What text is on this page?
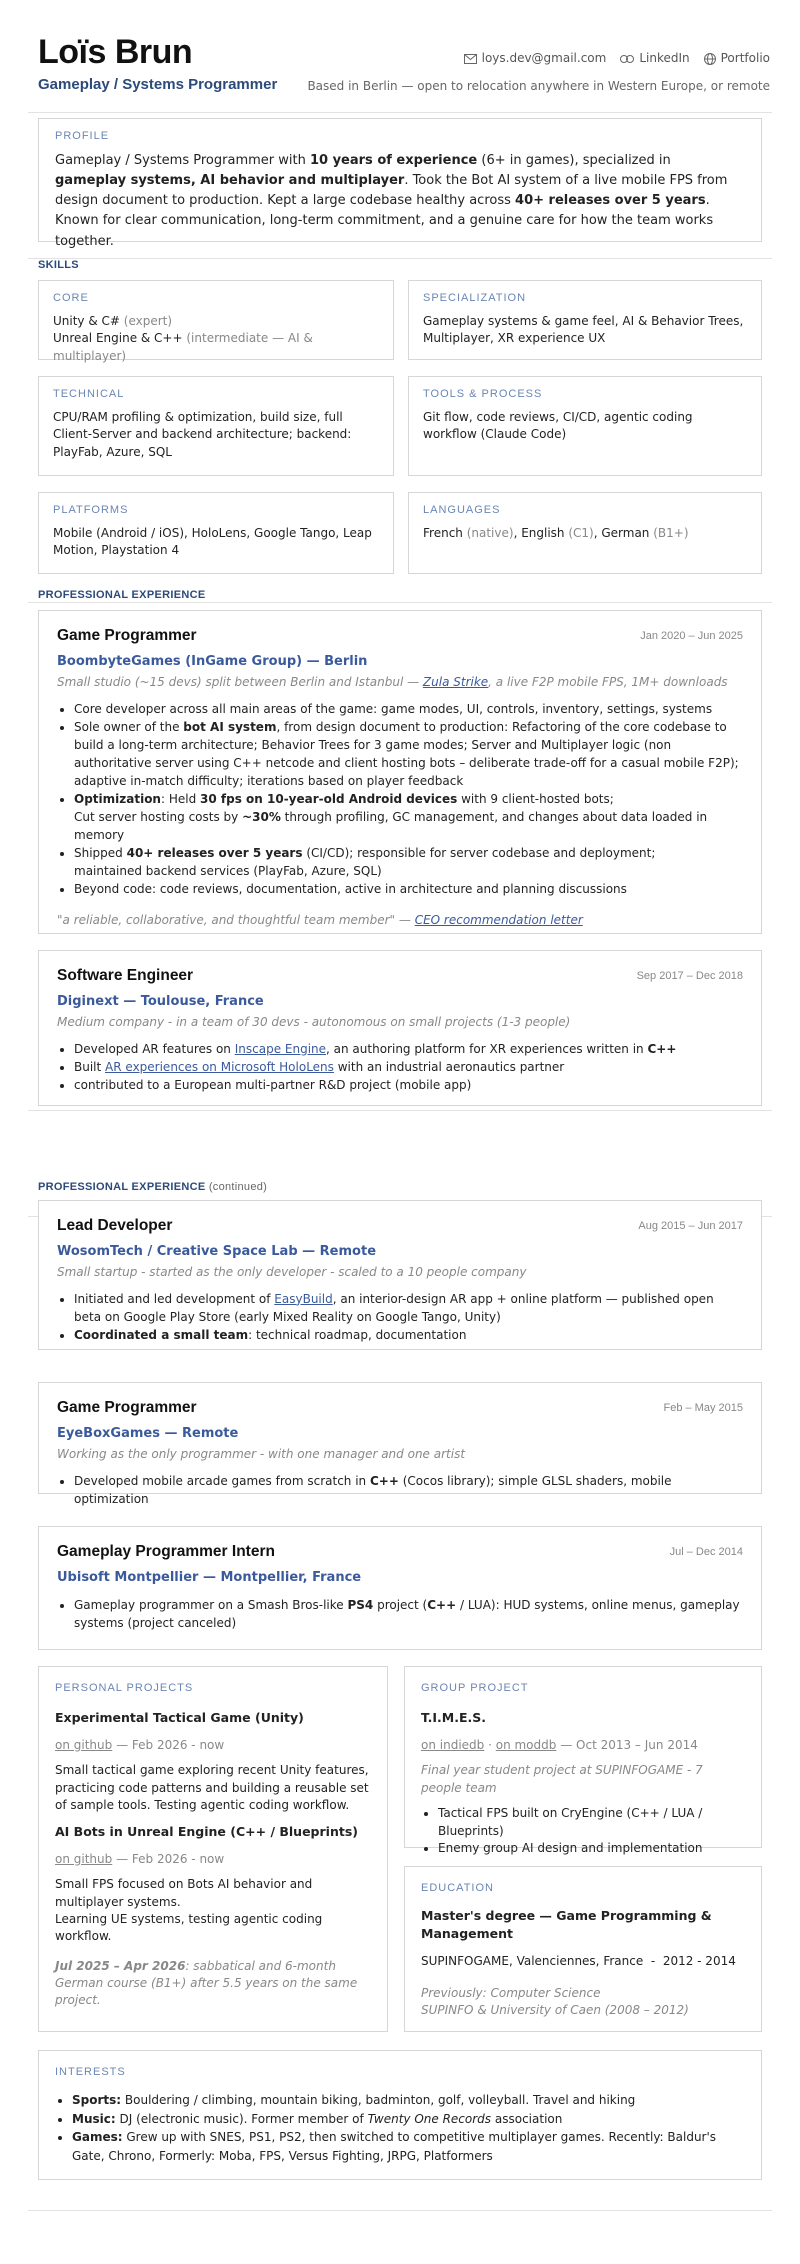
Loïs Brun
Gameplay / Systems Programmer
loys.dev@gmail.com	LinkedIn	Portfolio
Based in Berlin — open to relocation anywhere in Western Europe, or remote
PROFILE
Gameplay / Systems Programmer with 10 years of experience (6+ in games), specialized in gameplay systems, AI behavior and multiplayer. Took the Bot AI system of a live mobile FPS from design document to production. Kept a large codebase healthy across 40+ releases over 5 years. Known for clear communication, long-term commitment, and a genuine care for how the team works together.
SKILLS
CORE
Unity & C# (expert)
Unreal Engine & C++ (intermediate — AI & multiplayer)
SPECIALIZATION
Gameplay systems & game feel, AI & Behavior Trees, Multiplayer, XR experience UX
TECHNICAL
CPU/RAM profiling & optimization, build size, full Client-Server and backend architecture; backend: PlayFab, Azure, SQL
TOOLS & PROCESS
Git flow, code reviews, CI/CD, agentic coding workflow (Claude Code)
PLATFORMS
Mobile (Android / iOS), HoloLens, Google Tango, Leap Motion, Playstation 4
LANGUAGES
French (native), English (C1), German (B1+)
PROFESSIONAL EXPERIENCE
Game Programmer	Jan 2020 – Jun 2025
BoombyteGames (InGame Group) — Berlin
Small studio (~15 devs) split between Berlin and Istanbul — Zula Strike, a live F2P mobile FPS, 1M+ downloads
• Core developer across all main areas of the game: game modes, UI, controls, inventory, settings, systems
• Sole owner of the bot AI system, from design document to production: Refactoring of the core codebase to build a long-term architecture; Behavior Trees for 3 game modes; Server and Multiplayer logic (non authoritative server using C++ netcode and client hosting bots – deliberate trade-off for a casual mobile F2P); adaptive in-match difficulty; iterations based on player feedback
• Optimization: Held 30 fps on 10-year-old Android devices with 9 client-hosted bots;
Cut server hosting costs by ~30% through profiling, GC management, and changes about data loaded in memory
• Shipped 40+ releases over 5 years (CI/CD); responsible for server codebase and deployment;
maintained backend services (PlayFab, Azure, SQL)
• Beyond code: code reviews, documentation, active in architecture and planning discussions
"a reliable, collaborative, and thoughtful team member" — CEO recommendation letter
Software Engineer	Sep 2017 – Dec 2018
Diginext — Toulouse, France
Medium company - in a team of 30 devs - autonomous on small projects (1-3 people)
• Developed AR features on Inscape Engine, an authoring platform for XR experiences written in C++
• Built AR experiences on Microsoft HoloLens with an industrial aeronautics partner
• contributed to a European multi-partner R&D project (mobile app)
PROFESSIONAL EXPERIENCE (continued)
Lead Developer	Aug 2015 – Jun 2017
WosomTech / Creative Space Lab — Remote
Small startup - started as the only developer - scaled to a 10 people company
• Initiated and led development of EasyBuild, an interior-design AR app + online platform — published open beta on Google Play Store (early Mixed Reality on Google Tango, Unity)
• Coordinated a small team: technical roadmap, documentation
Game Programmer	Feb – May 2015
EyeBoxGames — Remote
Working as the only programmer - with one manager and one artist
• Developed mobile arcade games from scratch in C++ (Cocos library); simple GLSL shaders, mobile optimization
Gameplay Programmer Intern	Jul – Dec 2014
Ubisoft Montpellier — Montpellier, France
• Gameplay programmer on a Smash Bros-like PS4 project (C++ / LUA): HUD systems, online menus, gameplay systems (project canceled)
PERSONAL PROJECTS
Experimental Tactical Game (Unity)
on github — Feb 2026 - now
Small tactical game exploring recent Unity features, practicing code patterns and building a reusable set of sample tools. Testing agentic coding workflow.
AI Bots in Unreal Engine (C++ / Blueprints)
on github — Feb 2026 - now
Small FPS focused on Bots AI behavior and multiplayer systems.
Learning UE systems, testing agentic coding workflow.
Jul 2025 – Apr 2026: sabbatical and 6-month German course (B1+) after 5.5 years on the same project.
GROUP PROJECT
T.I.M.E.S.
on indiedb · on moddb — Oct 2013 – Jun 2014
Final year student project at SUPINFOGAME - 7 people team
• Tactical FPS built on CryEngine (C++ / LUA / Blueprints)
• Enemy group AI design and implementation
EDUCATION
Master's degree — Game Programming & Management
SUPINFOGAME, Valenciennes, France  -  2012 - 2014
Previously: Computer Science
SUPINFO & University of Caen (2008 – 2012)
INTERESTS
• Sports: Bouldering / climbing, mountain biking, badminton, golf, volleyball. Travel and hiking
• Music: DJ (electronic music). Former member of Twenty One Records association
• Games: Grew up with SNES, PS1, PS2, then switched to competitive multiplayer games. Recently: Baldur's Gate, Chrono, Formerly: Moba, FPS, Versus Fighting, JRPG, Platformers
